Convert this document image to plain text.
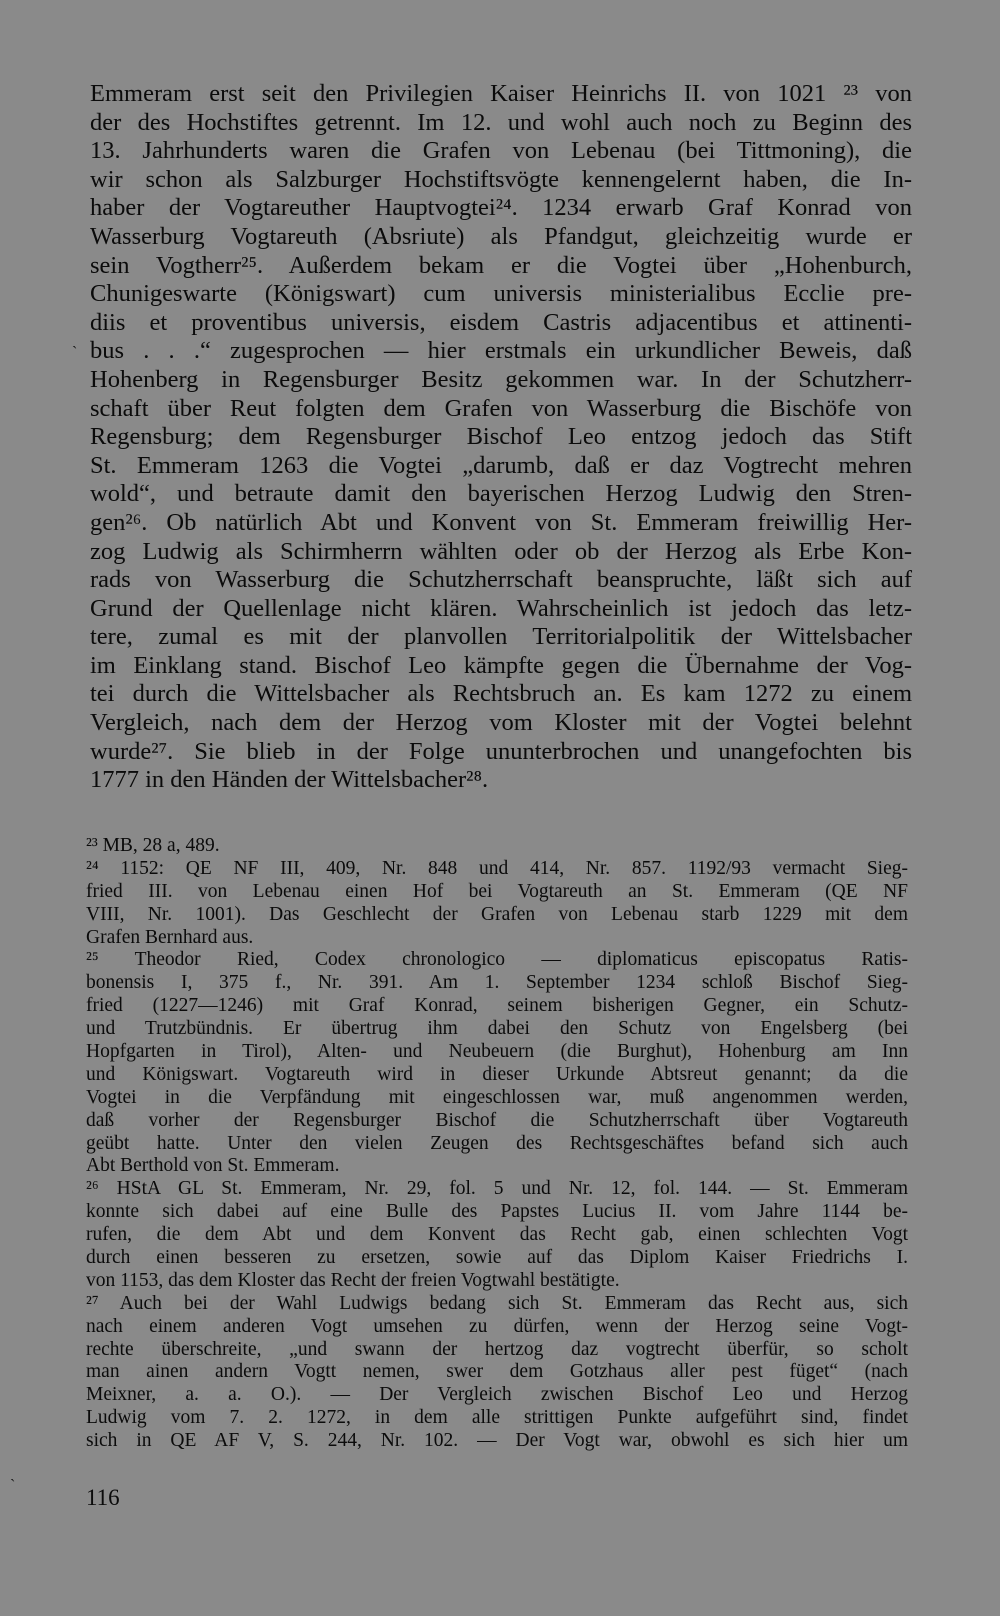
Emmeram erst seit den Privilegien Kaiser Heinrichs II. von 1021 ²³ von
der des Hochstiftes getrennt. Im 12. und wohl auch noch zu Beginn des
13. Jahrhunderts waren die Grafen von Lebenau (bei Tittmoning), die
wir schon als Salzburger Hochstiftsvögte kennengelernt haben, die In-
haber der Vogtareuther Hauptvogtei²⁴. 1234 erwarb Graf Konrad von
Wasserburg Vogtareuth (Absriute) als Pfandgut, gleichzeitig wurde er
sein Vogtherr²⁵. Außerdem bekam er die Vogtei über „Hohenburch,
Chunigeswarte (Königswart) cum universis ministerialibus Ecclie pre-
diis et proventibus universis, eisdem Castris adjacentibus et attinenti-
bus . . .“ zugesprochen — hier erstmals ein urkundlicher Beweis, daß
Hohenberg in Regensburger Besitz gekommen war. In der Schutzherr-
schaft über Reut folgten dem Grafen von Wasserburg die Bischöfe von
Regensburg; dem Regensburger Bischof Leo entzog jedoch das Stift
St. Emmeram 1263 die Vogtei „darumb, daß er daz Vogtrecht mehren
wold“, und betraute damit den bayerischen Herzog Ludwig den Stren-
gen²⁶. Ob natürlich Abt und Konvent von St. Emmeram freiwillig Her-
zog Ludwig als Schirmherrn wählten oder ob der Herzog als Erbe Kon-
rads von Wasserburg die Schutzherrschaft beanspruchte, läßt sich auf
Grund der Quellenlage nicht klären. Wahrscheinlich ist jedoch das letz-
tere, zumal es mit der planvollen Territorialpolitik der Wittelsbacher
im Einklang stand. Bischof Leo kämpfte gegen die Übernahme der Vog-
tei durch die Wittelsbacher als Rechtsbruch an. Es kam 1272 zu einem
Vergleich, nach dem der Herzog vom Kloster mit der Vogtei belehnt
wurde²⁷. Sie blieb in der Folge ununterbrochen und unangefochten bis
1777 in den Händen der Wittelsbacher²⁸.
²³ MB, 28 a, 489.
²⁴ 1152: QE NF III, 409, Nr. 848 und 414, Nr. 857. 1192/93 vermacht Sieg-
fried III. von Lebenau einen Hof bei Vogtareuth an St. Emmeram (QE NF
VIII, Nr. 1001). Das Geschlecht der Grafen von Lebenau starb 1229 mit dem
Grafen Bernhard aus.
²⁵ Theodor Ried, Codex chronologico — diplomaticus episcopatus Ratis-
bonensis I, 375 f., Nr. 391. Am 1. September 1234 schloß Bischof Sieg-
fried (1227—1246) mit Graf Konrad, seinem bisherigen Gegner, ein Schutz-
und Trutzbündnis. Er übertrug ihm dabei den Schutz von Engelsberg (bei
Hopfgarten in Tirol), Alten- und Neubeuern (die Burghut), Hohenburg am Inn
und Königswart. Vogtareuth wird in dieser Urkunde Abtsreut genannt; da die
Vogtei in die Verpfändung mit eingeschlossen war, muß angenommen werden,
daß vorher der Regensburger Bischof die Schutzherrschaft über Vogtareuth
geübt hatte. Unter den vielen Zeugen des Rechtsgeschäftes befand sich auch
Abt Berthold von St. Emmeram.
²⁶ HStA GL St. Emmeram, Nr. 29, fol. 5 und Nr. 12, fol. 144. — St. Emmeram
konnte sich dabei auf eine Bulle des Papstes Lucius II. vom Jahre 1144 be-
rufen, die dem Abt und dem Konvent das Recht gab, einen schlechten Vogt
durch einen besseren zu ersetzen, sowie auf das Diplom Kaiser Friedrichs I.
von 1153, das dem Kloster das Recht der freien Vogtwahl bestätigte.
²⁷ Auch bei der Wahl Ludwigs bedang sich St. Emmeram das Recht aus, sich
nach einem anderen Vogt umsehen zu dürfen, wenn der Herzog seine Vogt-
rechte überschreite, „und swann der hertzog daz vogtrecht überfür, so scholt
man ainen andern Vogtt nemen, swer dem Gotzhaus aller pest füget“ (nach
Meixner, a. a. O.). — Der Vergleich zwischen Bischof Leo und Herzog
Ludwig vom 7. 2. 1272, in dem alle strittigen Punkte aufgeführt sind, findet
sich in QE AF V, S. 244, Nr. 102. — Der Vogt war, obwohl es sich hier um
116
ˋ
ˋ
